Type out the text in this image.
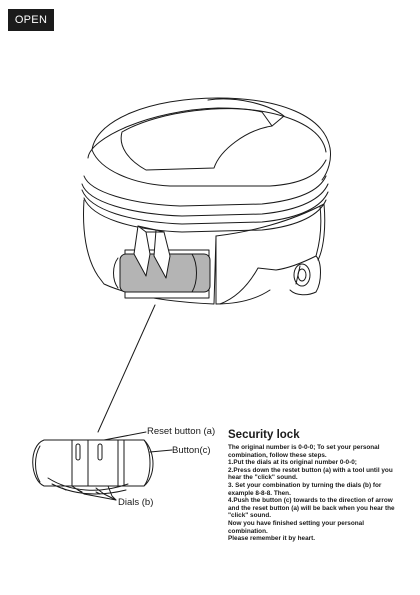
OPEN
Reset button (a)
Button(c)
Dials (b)
Security lock

The original number is 0-0-0; To set your personal combination, follow these steps.

1.Put the dials at its original number 0-0-0;

2.Press down the restet button (a) with a tool until you hear the "click" sound.

3. Set your combination by turning the dials (b) for example 8-8-8. Then.

4.Push the button (c) towards to the direction of arrow and the reset button (a) will be back when you hear the "click" sound.

Now you have finished setting your personal combination.

Please remember it by heart.
